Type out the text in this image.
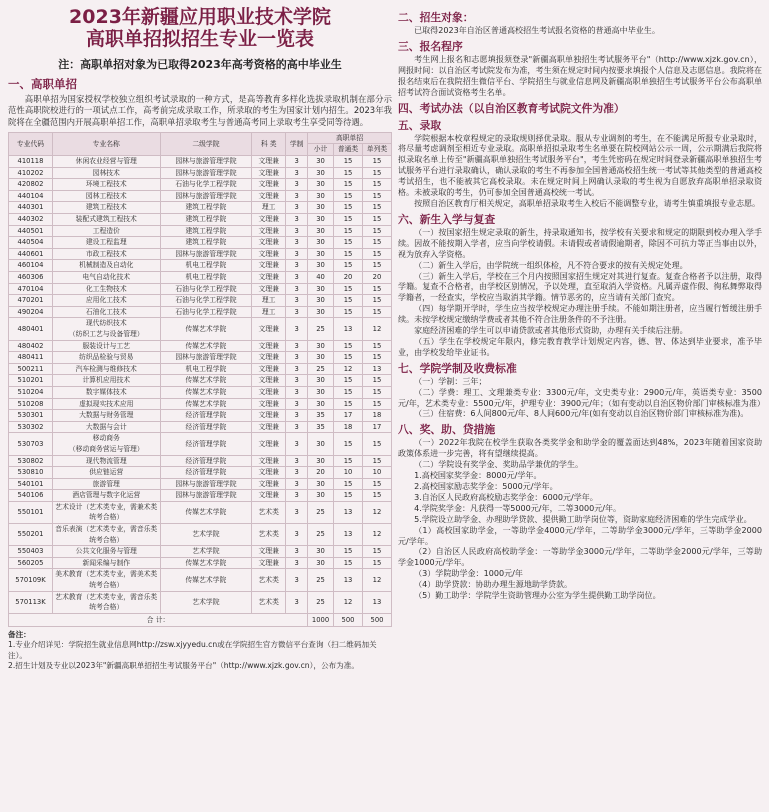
2023年新疆应用职业技术学院
高职单招拟招生专业一览表
注：高职单招对象为已取得2023年高考资格的高中毕业生
一、高职单招
高职单招为国家授权学校独立组织考试录取的一种方式，是高等教育多样化选拔录取机制在部分示范性高职院校进行的一项试点工作，高考前完成录取工作，所录取的考生为国家计划内招生。2023年我院将在全疆范围内开展高职单招工作，高职单招录取考生与普通高考同上录取考生享受同等待遇。
专业代码	专业名称	二级学院	科 类	学制	高职单招		
					小计	普通类	单列类
410118	休闲农业经营与管理	园林与旅游管理学院	文理兼	3	30	15	15
410202	园林技术	园林与旅游管理学院	文理兼	3	30	15	15
420802	环境工程技术	石油与化学工程学院	文理兼	3	30	15	15
440104	园林工程技术	园林与旅游管理学院	文理兼	3	30	15	15
440301	建筑工程技术	建筑工程学院	理工	3	30	15	15
440302	装配式建筑工程技术	建筑工程学院	文理兼	3	30	15	15
440501	工程造价	建筑工程学院	文理兼	3	30	15	15
440504	建设工程监理	建筑工程学院	文理兼	3	30	15	15
440601	市政工程技术	园林与旅游管理学院	文理兼	3	30	15	15
460104	机械制造及自动化	机电工程学院	文理兼	3	30	15	15
460306	电气自动化技术	机电工程学院	文理兼	3	40	20	20
470104	化工生物技术	石油与化学工程学院	文理兼	3	30	15	15
470201	应用化工技术	石油与化学工程学院	理工	3	30	15	15
490204	石油化工技术	石油与化学工程学院	理工	3	30	15	15
480401	现代纺织技术
（纺织工艺与设备管理）	传媒艺术学院	文理兼	3	25	13	12
480402	服装设计与工艺	传媒艺术学院	文理兼	3	30	15	15
480411	纺织品检验与贸易	园林与旅游管理学院	文理兼	3	30	15	15
500211	汽车检测与维修技术	机电工程学院	文理兼	3	25	12	13
510201	计算机应用技术	传媒艺术学院	文理兼	3	30	15	15
510204	数字媒体技术	传媒艺术学院	文理兼	3	30	15	15
510208	虚拟现实技术应用	传媒艺术学院	文理兼	3	30	15	15
530301	大数据与财务管理	经济管理学院	文理兼	3	35	17	18
530302	大数据与会计	经济管理学院	文理兼	3	35	18	17
530703	移动商务
（移动商务营运与管理）	经济管理学院	文理兼	3	30	15	15
530802	现代物流管理	经济管理学院	文理兼	3	30	15	15
530810	供应链运营	经济管理学院	文理兼	3	20	10	10
540101	旅游管理	园林与旅游管理学院	文理兼	3	30	15	15
540106	酒店管理与数字化运营	园林与旅游管理学院	文理兼	3	30	15	15
550101	艺术设计（艺术类专业，需兼术类统考合格）	传媒艺术学院	艺术类	3	25	13	12
550201	音乐表演（艺术类专业，需音乐类统考合格）	艺术学院	艺术类	3	25	13	12
550403	公共文化服务与管理	艺术学院	文理兼	3	30	15	15
560205	新闻采编与制作	传媒艺术学院	文理兼	3	30	15	15
570109K	美术教育（艺术类专业，需美术类统考合格）	传媒艺术学院	艺术类	3	25	13	12
570113K	艺术教育（艺术类专业，需音乐类统考合格）	艺术学院	艺术类	3	25	12	13
合 计：					1000	500	500
备注：
1.专业介绍详见：学院招生就业信息网http://zsw.xjyyedu.cn或在学院招生官方微信平台查询（扫二维码加关注）。
2.招生计划及专业以2023年"新疆高职单招招生考试服务平台"（http://www.xjzk.gov.cn），公布为准。
二、招生对象：
已取得2023年自治区普通高校招生考试报名资格的普通高中毕业生。
三、报名程序
考生网上报名和志愿填报须登录"新疆高职单独招生考试服务平台"（http://www.xjzk.gov.cn），网报时间：以自治区考试院发布为准，考生须在规定时间内按要求填报个人信息及志愿信息。我院将在报名结束后在我院招生微信平台、学院招生与就业信息网及新疆高职单独招生考试服务平台公布高职单招考试符合面试资格考生名单。
四、考试办法（以自治区教育考试院文件为准）
五、录取
学院根据本校章程规定的录取规则择优录取。服从专业调剂的考生，在不能满足所报专业录取时，将尽量考虑调剂至相近专业录取。高职单招拟录取考生名单要在院校网站公示一周，公示期满后我院将拟录取名单上传至"新疆高职单独招生考试服务平台"，考生凭密码在规定时间登录新疆高职单独招生考试服务平台进行录取确认，确认录取的考生不再参加全国普通高校招生统一考试等其他类型的普通高校考试招生，也不能被其它高校录取。未在规定时间上网确认录取的考生视为自愿放弃高职单招录取资格。未被录取的考生，仍可参加全国普通高校统一考试。
按照自治区教育厅相关规定，高职单招录取考生入校后不能调整专业，请考生慎重填报专业志愿。
六、新生入学与复查
（一）按国家招生规定录取的新生，持录取通知书，按学校有关要求和规定的期限到校办理入学手续。因故不能按期入学者，应当向学校请假。未请假或者请假逾期者，除因不可抗力等正当事由以外，视为放弃入学资格。
（二）新生入学后，由学院统一组织体检，凡不符合要求的按有关规定处理。
（三）新生入学后，学校在三个月内按照国家招生规定对其进行复查。复查合格者予以注册，取得学籍。复查不合格者，由学校区别情况，予以处理，直至取消入学资格。凡属弄虚作假、徇私舞弊取得学籍者，一经查实，学校应当取消其学籍。情节恶劣的，应当请有关部门查究。
（四）每学期开学时，学生应当按学校规定办理注册手续。不能如期注册者，应当履行暂缓注册手续。未按学校规定缴纳学费或者其他不符合注册条件的不予注册。
家庭经济困难的学生可以申请贷款或者其他形式资助，办理有关手续后注册。
（五）学生在学校规定年限内，修完教育教学计划规定内容，德、智、体达到毕业要求，准予毕业，由学校发给毕业证书。
七、学院学制及收费标准
（一）学制：三年；
（二）学费：理工、文理兼类专业：3300元/年，文史类专业：2900元/年，英语类专业：3500元/年，艺术类专业：5500元/年，护理专业：3900元/年；（如有变动以自治区物价部门审核标准为准）
（三）住宿费：6人间800元/年、8人间600元/年(如有变动以自治区物价部门审核标准为准)。
八、奖、助、贷措施
（一）2022年我院在校学生获取各类奖学金和助学金的覆盖面达到48%，2023年随着国家资助政策体系进一步完善，将有望继续提高。
（二）学院设有奖学金、奖助品学兼优的学生。
1.高校国家奖学金：8000元/学年。
2.高校国家励志奖学金：5000元/学年。
3.自治区人民政府高校励志奖学金：6000元/学年。
4.学院奖学金：凡获得一等5000元/年，二等3000元/年。
5.学院设立助学金、办理助学贷款、提供勤工助学岗位等，资助家庭经济困难的学生完成学业。
（1）高校国家助学金，一等助学金4000元/学年，二等助学金3000元/学年，三等助学金2000元/学年。
（2）自治区人民政府高校助学金：一等助学金3000元/学年，二等助学金2000元/学年，三等助学金1000元/学年。
（3）学院助学金：1000元/年
（4）助学贷款：协助办理生源地助学贷款。
（5）勤工助学：学院学生资助管理办公室为学生提供勤工助学岗位。
